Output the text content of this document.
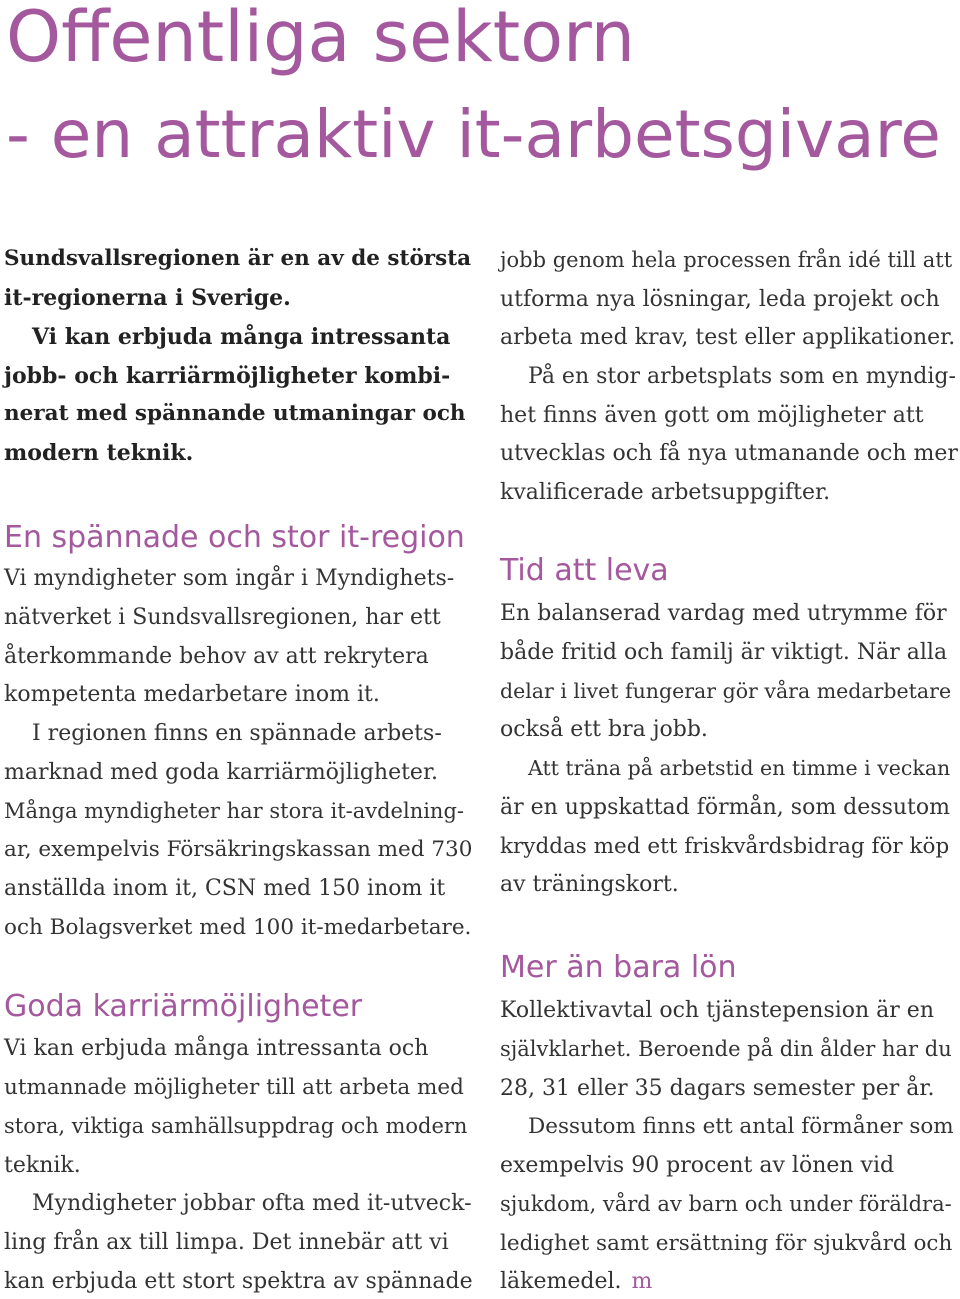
Offentliga sektorn
- en attraktiv it-arbetsgivare
Sundsvallsregionen är en av de största
it-regionerna i Sverige.
Vi kan erbjuda många intressanta
jobb- och karriärmöjligheter kombi-
nerat med spännande utmaningar och
modern teknik.
En spännade och stor it-region
Vi myndigheter som ingår i Myndighets-
nätverket i Sundsvallsregionen, har ett
återkommande behov av att rekrytera
kompetenta medarbetare inom it.
I regionen finns en spännade arbets-
marknad med goda karriärmöjligheter.
Många myndigheter har stora it-avdelning-
ar, exempelvis Försäkringskassan med 730
anställda inom it, CSN med 150 inom it
och Bolagsverket med 100 it-medarbetare.
Goda karriärmöjligheter
Vi kan erbjuda många intressanta och
utmannade möjligheter till att arbeta med
stora, viktiga samhällsuppdrag och modern
teknik.
Myndigheter jobbar ofta med it-utveck-
ling från ax till limpa. Det innebär att vi
kan erbjuda ett stort spektra av spännade
jobb genom hela processen från idé till att
utforma nya lösningar, leda projekt och
arbeta med krav, test eller applikationer.
På en stor arbetsplats som en myndig-
het finns även gott om möjligheter att
utvecklas och få nya utmanande och mer
kvalificerade arbetsuppgifter.
Tid att leva
En balanserad vardag med utrymme för
både fritid och familj är viktigt. När alla
delar i livet fungerar gör våra medarbetare
också ett bra jobb.
Att träna på arbetstid en timme i veckan
är en uppskattad förmån, som dessutom
kryddas med ett friskvårdsbidrag för köp
av träningskort.
Mer än bara lön
Kollektivavtal och tjänstepension är en
självklarhet. Beroende på din ålder har du
28, 31 eller 35 dagars semester per år.
Dessutom finns ett antal förmåner som
exempelvis 90 procent av lönen vid
sjukdom, vård av barn och under föräldra-
ledighet samt ersättning för sjukvård och
läkemedel. m
